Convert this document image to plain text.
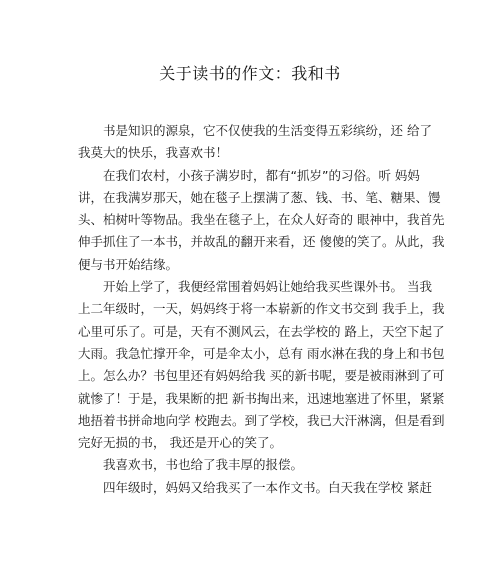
关于读书的作文：我和书
书是知识的源泉，它不仅使我的生活变得五彩缤纷，还 给了
我莫大的快乐，我喜欢书！
在我们农村，小孩子满岁时，都有“抓岁”的习俗。听 妈妈
讲，在我满岁那天，她在毯子上摆满了葱、钱、书、笔、糖果、馒
头、柏树叶等物品。我坐在毯子上，在众人好奇的 眼神中，我首先
伸手抓住了一本书，并故乱的翻开来看，还 傻傻的笑了。从此，我
便与书开始结缘。
开始上学了，我便经常围着妈妈让她给我买些课外书。 当我
上二年级时，一天，妈妈终于将一本崭新的作文书交到 我手上，我
心里可乐了。可是，天有不测风云，在去学校的 路上，天空下起了
大雨。我急忙撑开伞，可是伞太小，总有 雨水淋在我的身上和书包
上。怎么办？书包里还有妈妈给我 买的新书呢，要是被雨淋到了可
就惨了！于是，我果断的把 新书掏出来，迅速地塞进了怀里，紧紧
地捂着书拼命地向学 校跑去。到了学校，我已大汗淋漓，但是看到
完好无损的书， 我还是开心的笑了。
我喜欢书，书也给了我丰厚的报偿。
四年级时，妈妈又给我买了一本作文书。白天我在学校 紧赶
